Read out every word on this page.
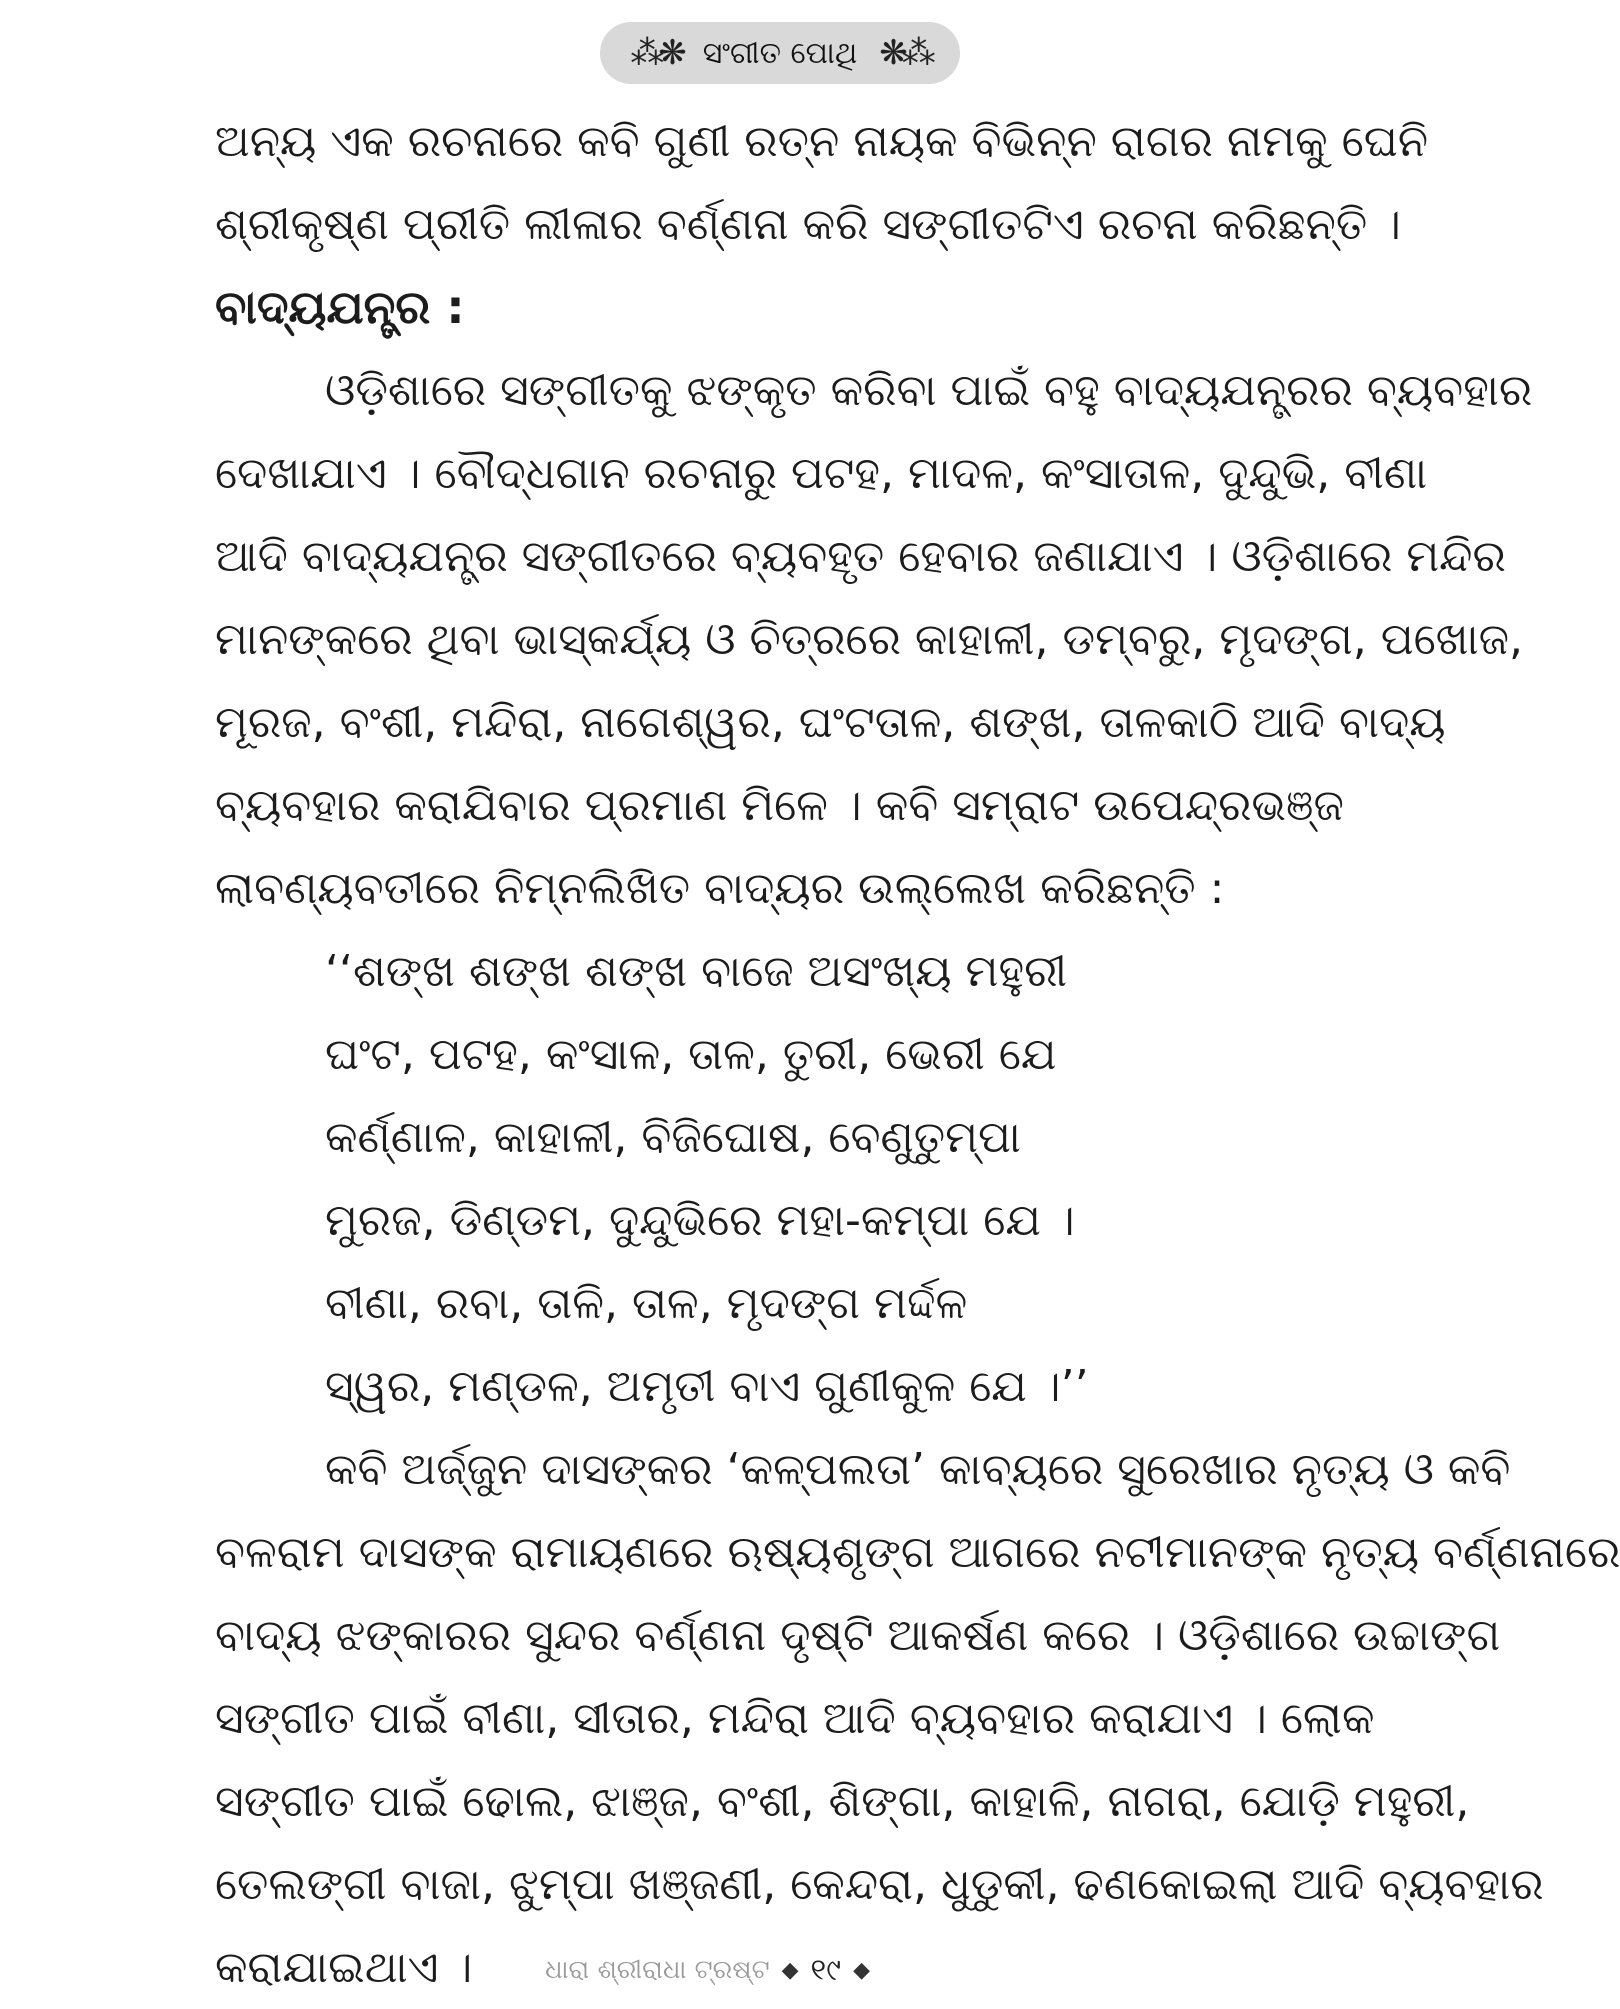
⁂❋ ସଂଗୀତ ପୋଥି ❋⁂
ଅନ୍ୟ ଏକ ରଚନାରେ କବି ଗୁଣୀ ରତ୍ନ ନାୟକ ବିଭିନ୍ନ ରାଗର ନାମକୁ ଘେନି
ଶ୍ରୀକୃଷ୍ଣ ପ୍ରୀତି ଲୀଳାର ବର୍ଣ୍ଣନା କରି ସଙ୍ଗୀତଟିଏ ରଚନା କରିଛନ୍ତି ।
ବାଦ୍ୟଯନ୍ତ୍ର :
ଓଡ଼ିଶାରେ ସଙ୍ଗୀତକୁ ଝଙ୍କୃତ କରିବା ପାଇଁ ବହୁ ବାଦ୍ୟଯନ୍ତ୍ରର ବ୍ୟବହାର
ଦେଖାଯାଏ । ବୌଦ୍ଧଗାନ ରଚନାରୁ ପଟହ, ମାଦଳ, କଂସାତାଳ, ଦୁନ୍ଦୁଭି, ବୀଣା
ଆଦି ବାଦ୍ୟଯନ୍ତ୍ର ସଙ୍ଗୀତରେ ବ୍ୟବହୃତ ହେବାର ଜଣାଯାଏ । ଓଡ଼ିଶାରେ ମନ୍ଦିର
ମାନଙ୍କରେ ଥିବା ଭାସ୍କର୍ଯ୍ୟ ଓ ଚିତ୍ରରେ କାହାଳୀ, ଡମ୍ବରୁ, ମୃଦଙ୍ଗ, ପଖୋଜ,
ମୂରଜ, ବଂଶୀ, ମନ୍ଦିରା, ନାଗେଶ୍ୱର, ଘଂଟତାଳ, ଶଙ୍ଖ, ତାଳକାଠି ଆଦି ବାଦ୍ୟ
ବ୍ୟବହାର କରାଯିବାର ପ୍ରମାଣ ମିଳେ । କବି ସମ୍ରାଟ ଉପେନ୍ଦ୍ରଭଞ୍ଜ
ଲାବଣ୍ୟବତୀରେ ନିମ୍ନଲିଖିତ ବାଦ୍ୟର ଉଲ୍ଲେଖ କରିଛନ୍ତି :
‘‘ଶଙ୍ଖ ଶଙ୍ଖ ଶଙ୍ଖ ବାଜେ ଅସଂଖ୍ୟ ମହୁରୀ
ଘଂଟ, ପଟହ, କଂସାଳ, ତାଳ, ତୁରୀ, ଭେରୀ ଯେ
କର୍ଣ୍ଣାଳ, କାହାଳୀ, ବିଜିଘୋଷ, ବେଣୁତୁମ୍ପା
ମୁରଜ, ଡିଣ୍ଡମ, ଦୁନ୍ଦୁଭିରେ ମହା-କମ୍ପା ଯେ ।
ବୀଣା, ରବା, ତାଳି, ତାଳ, ମୃଦଙ୍ଗ ମର୍ଦ୍ଦଳ
ସ୍ୱର, ମଣ୍ଡଳ, ଅମୃତୀ ବାଏ ଗୁଣୀକୁଳ ଯେ ।’’
କବି ଅର୍ଜ୍ଜୁନ ଦାସଙ୍କର ‘କଳ୍ପଲତା’ କାବ୍ୟରେ ସୁରେଖାର ନୃତ୍ୟ ଓ କବି
ବଳରାମ ଦାସଙ୍କ ରାମାୟଣରେ ଋଷ୍ୟଶୃଙ୍ଗ ଆଗରେ ନଟୀମାନଙ୍କ ନୃତ୍ୟ ବର୍ଣ୍ଣନାରେ
ବାଦ୍ୟ ଝଙ୍କାରର ସୁନ୍ଦର ବର୍ଣ୍ଣନା ଦୃଷ୍ଟି ଆକର୍ଷଣ କରେ । ଓଡ଼ିଶାରେ ଉଚ୍ଚାଙ୍ଗ
ସଙ୍ଗୀତ ପାଇଁ ବୀଣା, ସୀତାର, ମନ୍ଦିରା ଆଦି ବ୍ୟବହାର କରାଯାଏ । ଲୋକ
ସଙ୍ଗୀତ ପାଇଁ ଢୋଲ, ଝାଞ୍ଜ, ବଂଶୀ, ଶିଙ୍ଗା, କାହାଳି, ନାଗରା, ଯୋଡ଼ି ମହୁରୀ,
ତେଲଙ୍ଗୀ ବାଜା, ଝୁମ୍ପା ଖଞ୍ଜଣୀ, କେନ୍ଦରା, ଧୁଡୁକୀ, ଢଣକୋଇଲା ଆଦି ବ୍ୟବହାର
କରାଯାଇଥାଏ ।	ଧାରା ଶ୍ରୀରାଧା ଟ୍ରଷ୍ଟ ◆ ୧୯ ◆
